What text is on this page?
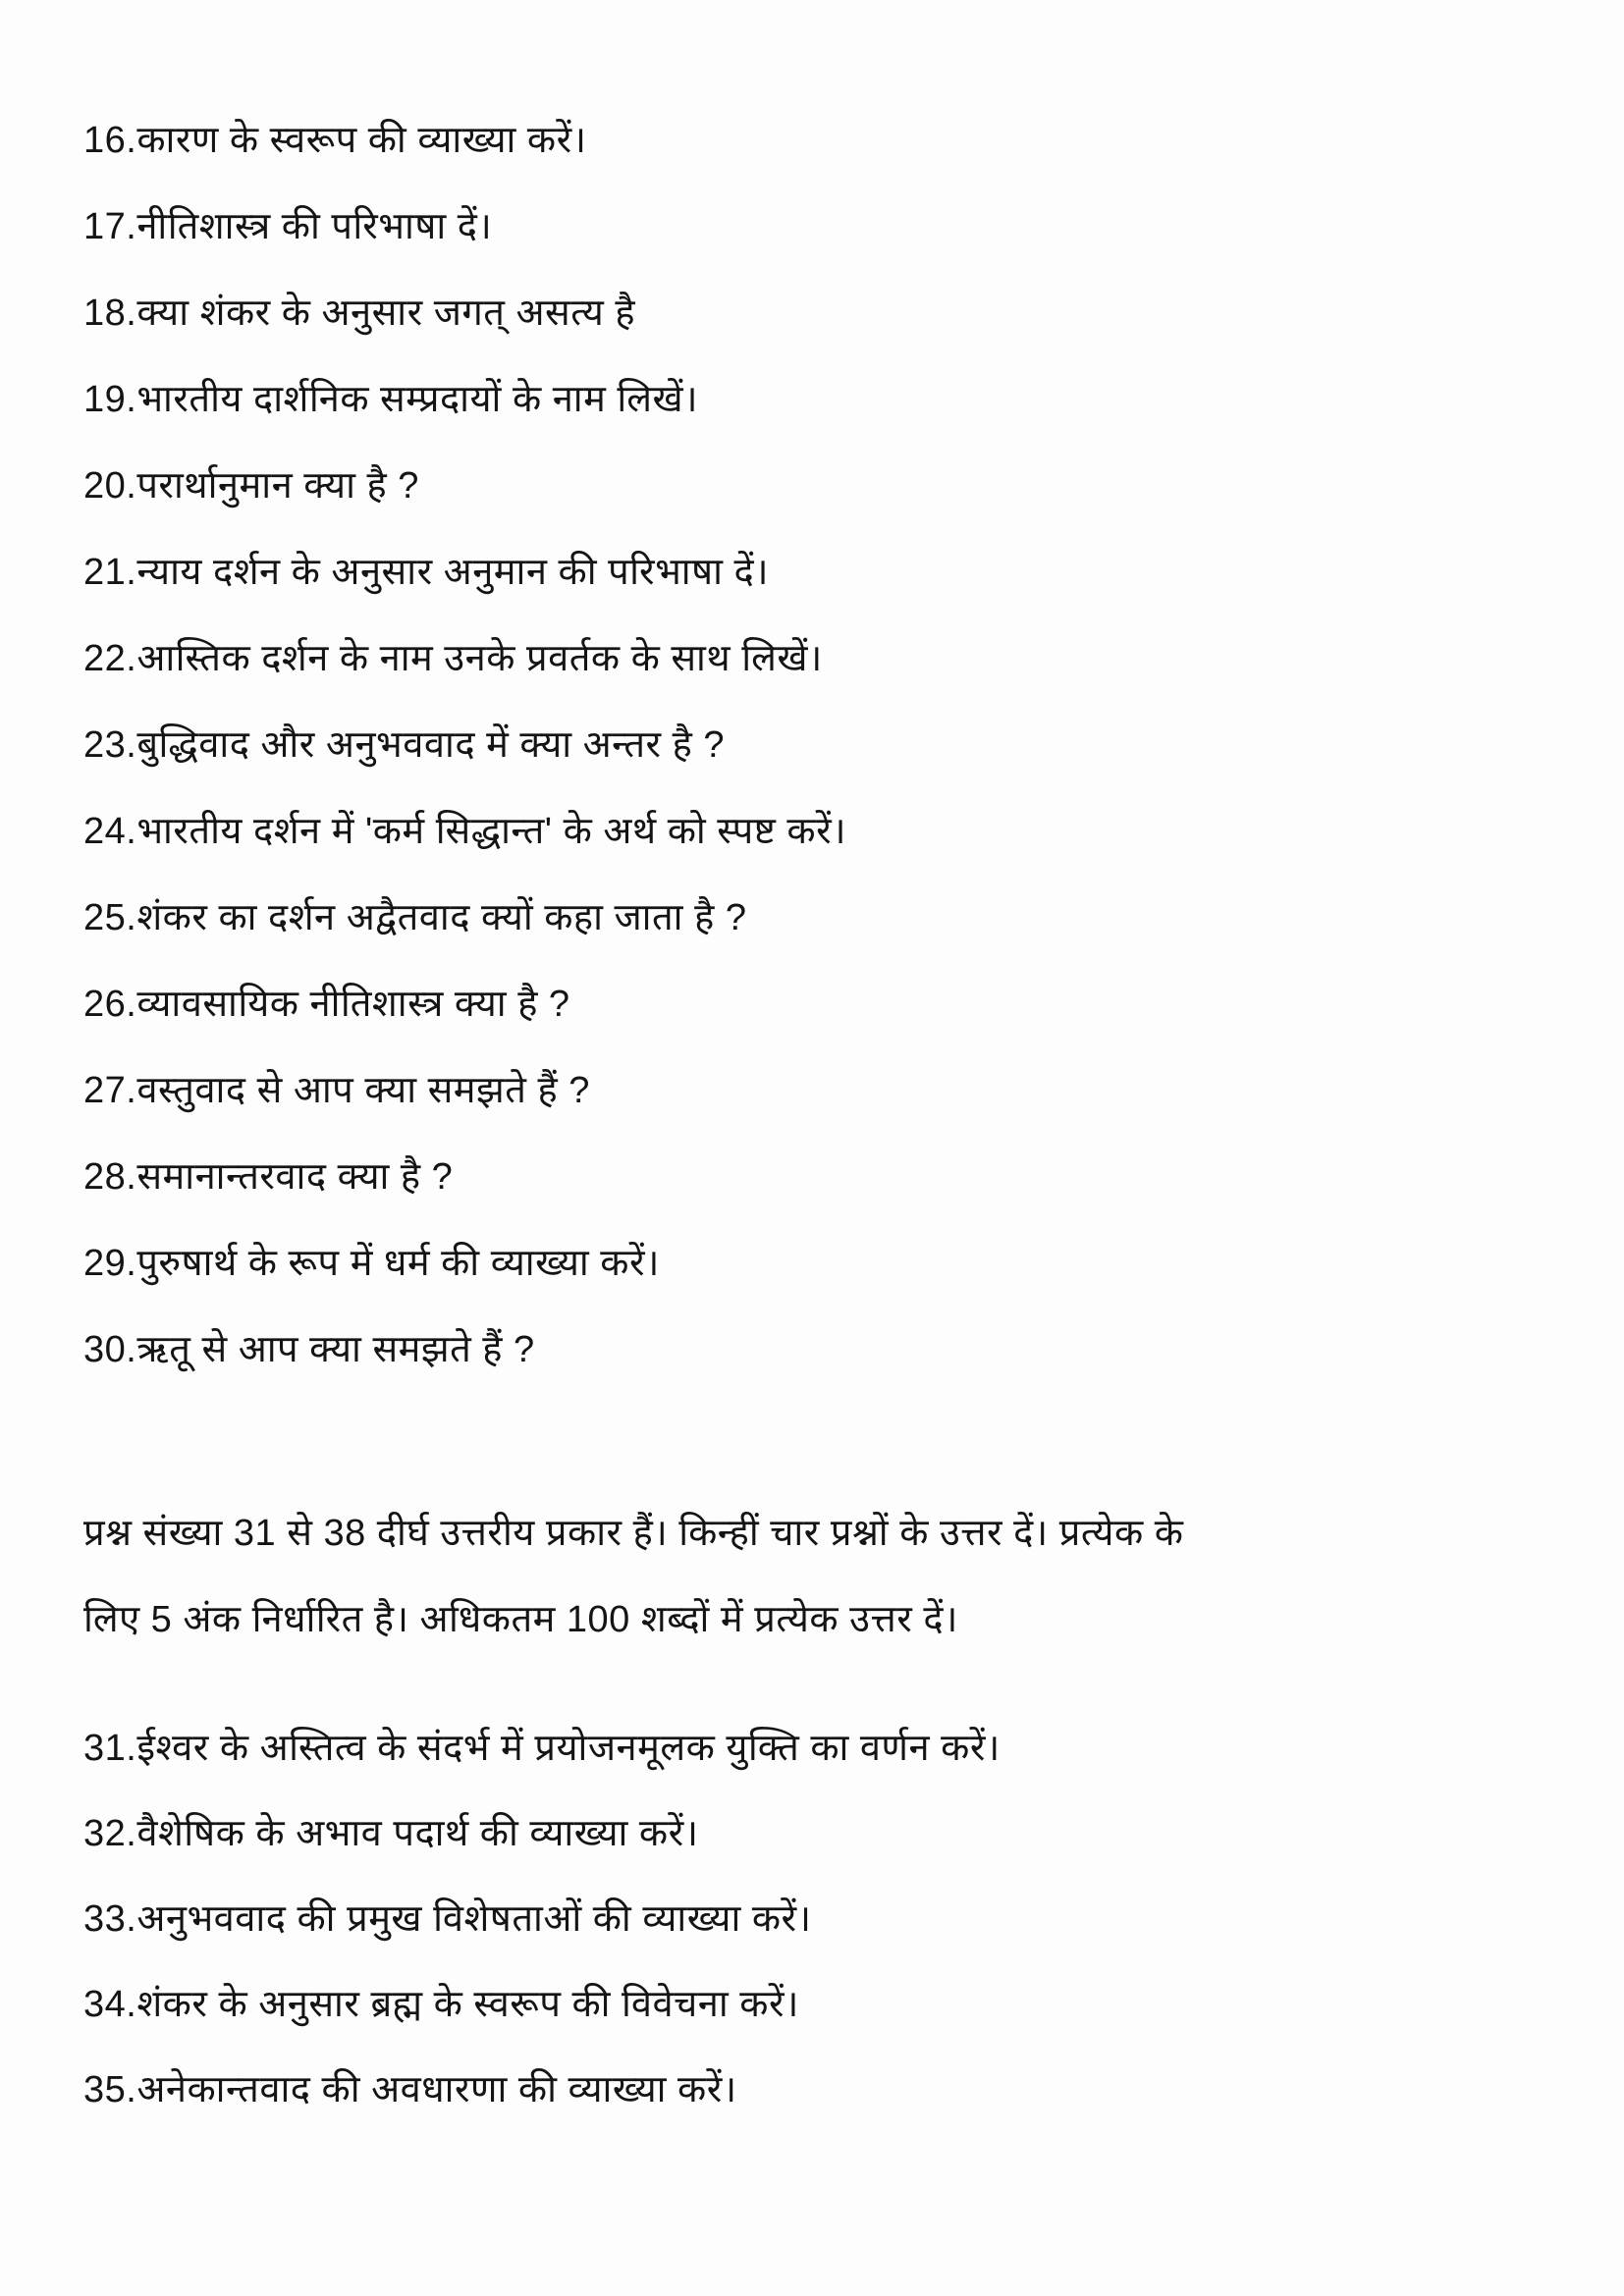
16. कारण के स्वरूप की व्याख्या करें।
17. नीतिशास्त्र की परिभाषा दें।
18. क्या शंकर के अनुसार जगत् असत्य है
19. भारतीय दार्शनिक सम्प्रदायों के नाम लिखें।
20. परार्थानुमान क्या है ?
21. न्याय दर्शन के अनुसार अनुमान की परिभाषा दें।
22. आस्तिक दर्शन के नाम उनके प्रवर्तक के साथ लिखें।
23. बुद्धिवाद और अनुभववाद में क्या अन्तर है ?
24. भारतीय दर्शन में 'कर्म सिद्धान्त' के अर्थ को स्पष्ट करें।
25. शंकर का दर्शन अद्वैतवाद क्यों कहा जाता है ?
26. व्यावसायिक नीतिशास्त्र क्या है ?
27. वस्तुवाद से आप क्या समझते हैं ?
28. समानान्तरवाद क्या है ?
29. पुरुषार्थ के रूप में धर्म की व्याख्या करें।
30. ऋतू से आप क्या समझते हैं ?

प्रश्न संख्या 31 से 38 दीर्घ उत्तरीय प्रकार हैं। किन्हीं चार प्रश्नों के उत्तर दें। प्रत्येक के
लिए 5 अंक निर्धारित है। अधिकतम 100 शब्दों में प्रत्येक उत्तर दें।

31. ईश्वर के अस्तित्व के संदर्भ में प्रयोजनमूलक युक्ति का वर्णन करें।
32. वैशेषिक के अभाव पदार्थ की व्याख्या करें।
33. अनुभववाद की प्रमुख विशेषताओं की व्याख्या करें।
34. शंकर के अनुसार ब्रह्म के स्वरूप की विवेचना करें।
35. अनेकान्तवाद की अवधारणा की व्याख्या करें।
